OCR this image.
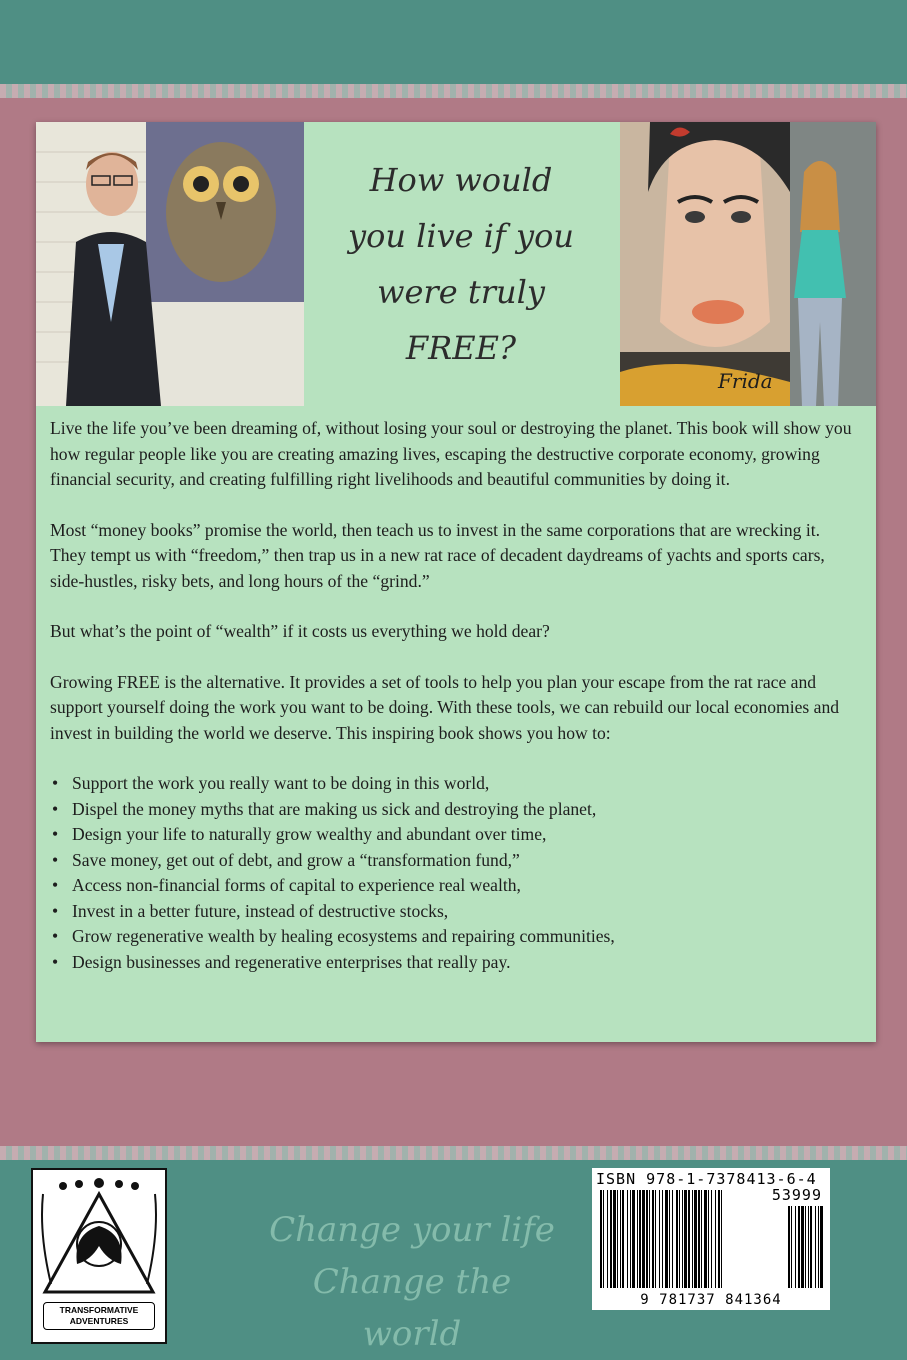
How would
you live if you
were truly
FREE?
Frida

Live the life you’ve been dreaming of, without losing your soul or destroying the planet. This book will show you how regular people like you are creating amazing lives, escaping the destructive corporate economy, growing financial security, and creating fulfilling right livelihoods and beautiful communities by doing it.

Most “money books” promise the world, then teach us to invest in the same corporations that are wrecking it. They tempt us with “freedom,” then trap us in a new rat race of decadent daydreams of yachts and sports cars, side-hustles, risky bets, and long hours of the “grind.”

But what’s the point of “wealth” if it costs us everything we hold dear?

Growing FREE is the alternative. It provides a set of tools to help you plan your escape from the rat race and support yourself doing the work you want to be doing. With these tools, we can rebuild our local economies and invest in building the world we deserve. This inspiring book shows you how to:

• Support the work you really want to be doing in this world,
• Dispel the money myths that are making us sick and destroying the planet,
• Design your life to naturally grow wealthy and abundant over time,
• Save money, get out of debt, and grow a “transformation fund,”
• Access non-financial forms of capital to experience real wealth,
• Invest in a better future, instead of destructive stocks,
• Grow regenerative wealth by healing ecosystems and repairing communities,
• Design businesses and regenerative enterprises that really pay.
TRANSFORMATIVE
ADVENTURES
Change your life
Change the world
ISBN 978-1-7378413-6-4
53999
9 781737 841364
